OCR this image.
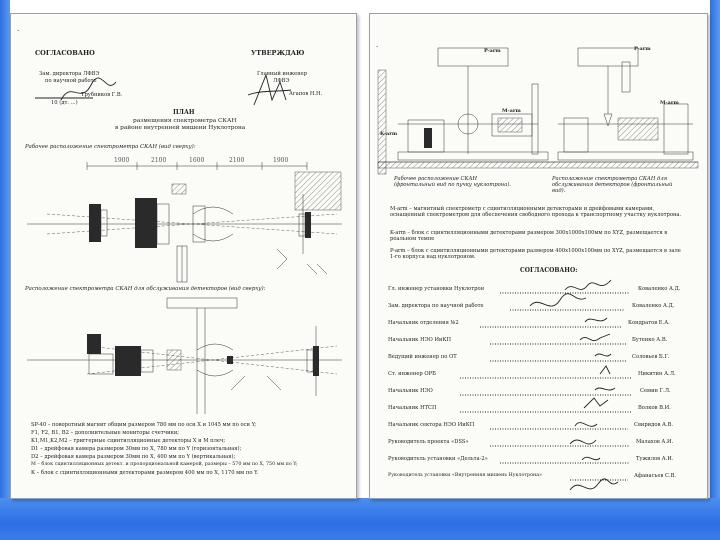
·
СОГЛАСОВАНО
Зам. директора ЛФВЭ
по научной работе
Трубников Г.В.
10 (дт. ...)
УТВЕРЖДАЮ
Главный инженер
ЛФВЭ
Агапов Н.Н.
ПЛАН
размещения спектрометра СКАН
в районе внутренней мишени Нуклотрона
Рабочее расположение спектрометра СКАН (вид сверху):
1900	2100	1600	2100	1900
Расположение спектрометра СКАН для обслуживания детекторов (вид сверху):
SP-40 – поворотный магнит общим размером 780 мм по оси Х и 1045 мм по оси Y;
F1, F2, B1, B2 – дополнительные мониторы счетчики;
K1,M1,K2,M2 – триггерные сцинтилляционные детекторы Х и М плеч;
D1 – дрейфовая камера размером 30мм по Х, 780 мм по Y (горизонтальная);
D2 – дрейфовая камера размером 30мм по Х, 400 мм по Y (вертикальная);
M – блок сцинтилляционных детект. и пропорциональной камерой, размеры – 570 мм по Х, 750 мм по Y;
К – блок с сцинтилляционными детекторами размером 400 мм по Х, 1170 мм по Y.
·	P-arm
K-arm
M-arm
P-arm
M-arm
Рабочее расположение СКАН (фронтальный вид по пучку нуклотрона).
Расположение спектрометра СКАН для обслуживания детекторов (фронтальный вид).
М-arm – магнитный спектрометр с сцинтилляционными детекторами и дрейфовыми камерами, оснащенный спектрометром для обеспечения свободного прохода к транспортному участку нуклотрона.
K-arm – блок с сцинтилляционными детекторами размером 300х1000х100мм по ХYZ, размещается в реальном темпе
P-arm – блок с сцинтилляционными детекторами размером 400х1000х100мм по ХYZ, размещается в зале 1-го корпуса над нуклотроном.
СОГЛАСОВАНО:
Гл. инженер установки Нуклотрон	Коваленко А.Д.
Зам. директора по научной работе	Коваленко А.Д.
Начальник отделения №2	Кондратов Е.А.
Начальник НЭО ИиКП	Бутенко А.В.
Ведущий инженер по ОТ	Соловьев Б.Г.
Ст. инженер ОРБ	Никитин А.Л.
Начальник НЭО	Семин Г.Л.
Начальник НТСП	Волков В.И.
Начальник сектора НЭО ИиКП	Свиридов А.В.
Руководитель проекта «DSS»	Малахов А.И.
Руководитель установки «Дельта-2»	Тужилов А.И.
Руководитель установки «Внутренняя мишень Нуклотрона»	Афанасьев С.В.
